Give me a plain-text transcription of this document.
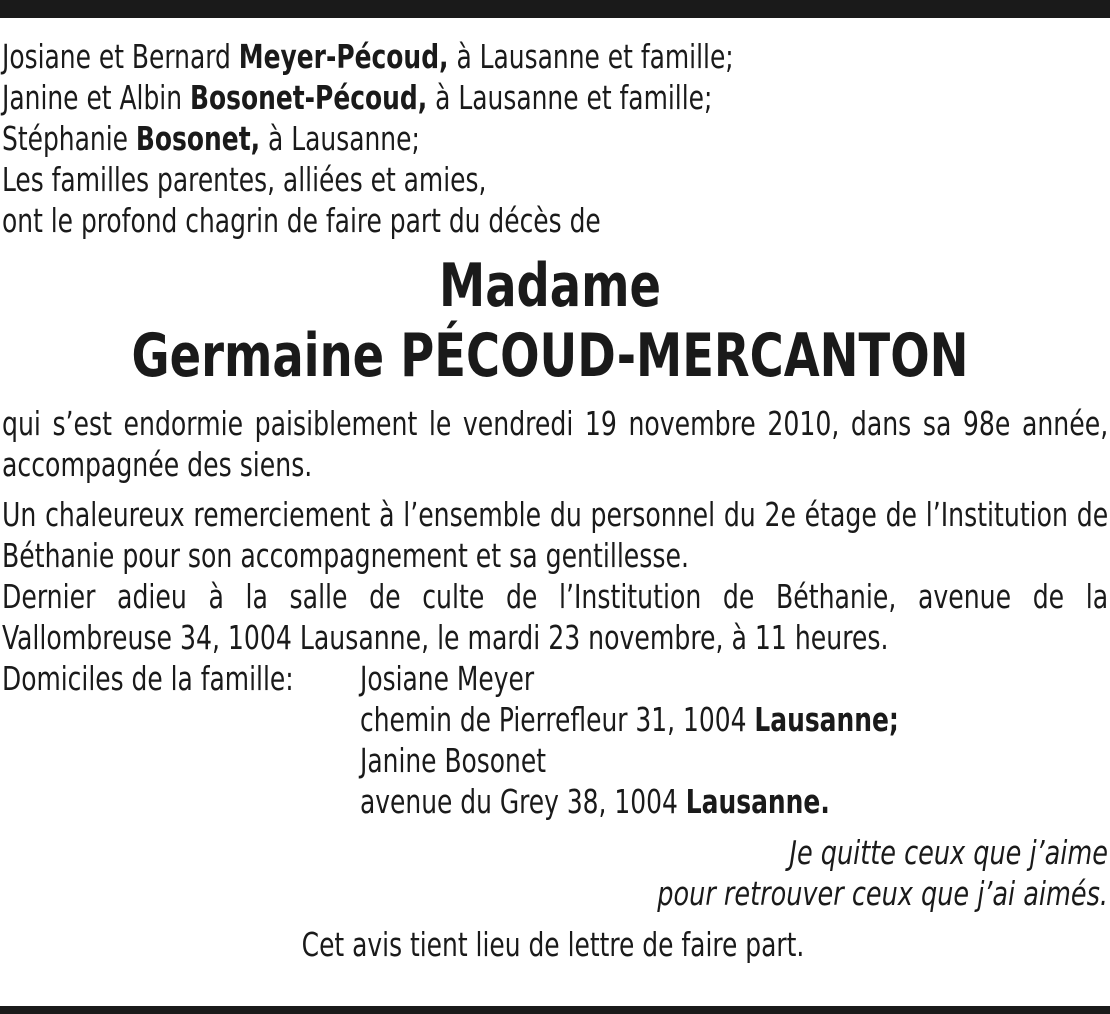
Josiane et Bernard Meyer-Pécoud, à Lausanne et famille;
Janine et Albin Bosonet-Pécoud, à Lausanne et famille;
Stéphanie Bosonet, à Lausanne;
Les familles parentes, alliées et amies,
ont le profond chagrin de faire part du décès de
Madame
Germaine PÉCOUD-MERCANTON
qui s’est endormie paisiblement le vendredi 19 novembre 2010, dans sa 98e année, accompagnée des siens.
Un chaleureux remerciement à l’ensemble du personnel du 2e étage de l’Institution de Béthanie pour son accompagnement et sa gentillesse.
Dernier adieu à la salle de culte de l’Institution de Béthanie, avenue de la Vallombreuse 34, 1004 Lausanne, le mardi 23 novembre, à 11 heures.
Domiciles de la famille: Josiane Meyer
chemin de Pierrefleur 31, 1004 Lausanne;
Janine Bosonet
avenue du Grey 38, 1004 Lausanne.
Je quitte ceux que j’aime
pour retrouver ceux que j’ai aimés.
Cet avis tient lieu de lettre de faire part.
